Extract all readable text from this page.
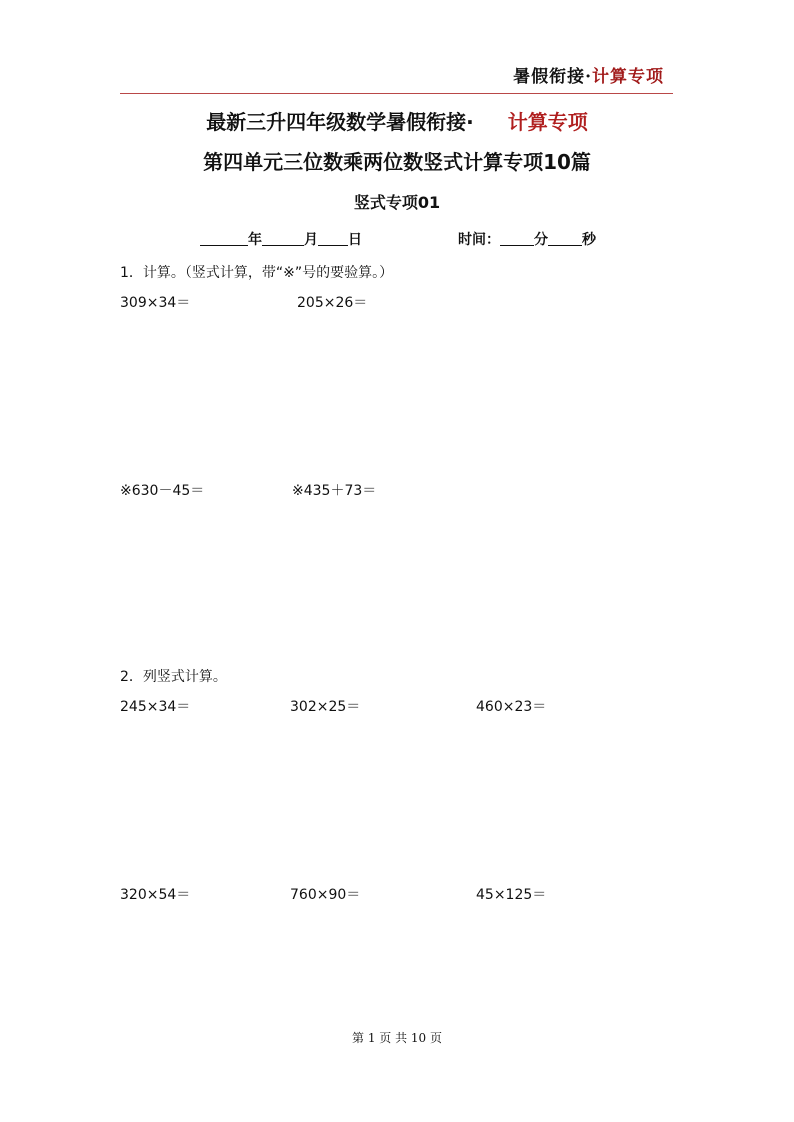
暑假衔接·计算专项
最新三升四年级数学暑假衔接· 计算专项
第四单元三位数乘两位数竖式计算专项10篇
竖式专项01
年	月 日	时间： 分 秒
1．计算。（竖式计算，带“※”号的要验算。）
309×34＝	205×26＝
※630－45＝	※435＋73＝
2．列竖式计算。
245×34＝	302×25＝	460×23＝
320×54＝	760×90＝	45×125＝
第 1 页 共 10 页
